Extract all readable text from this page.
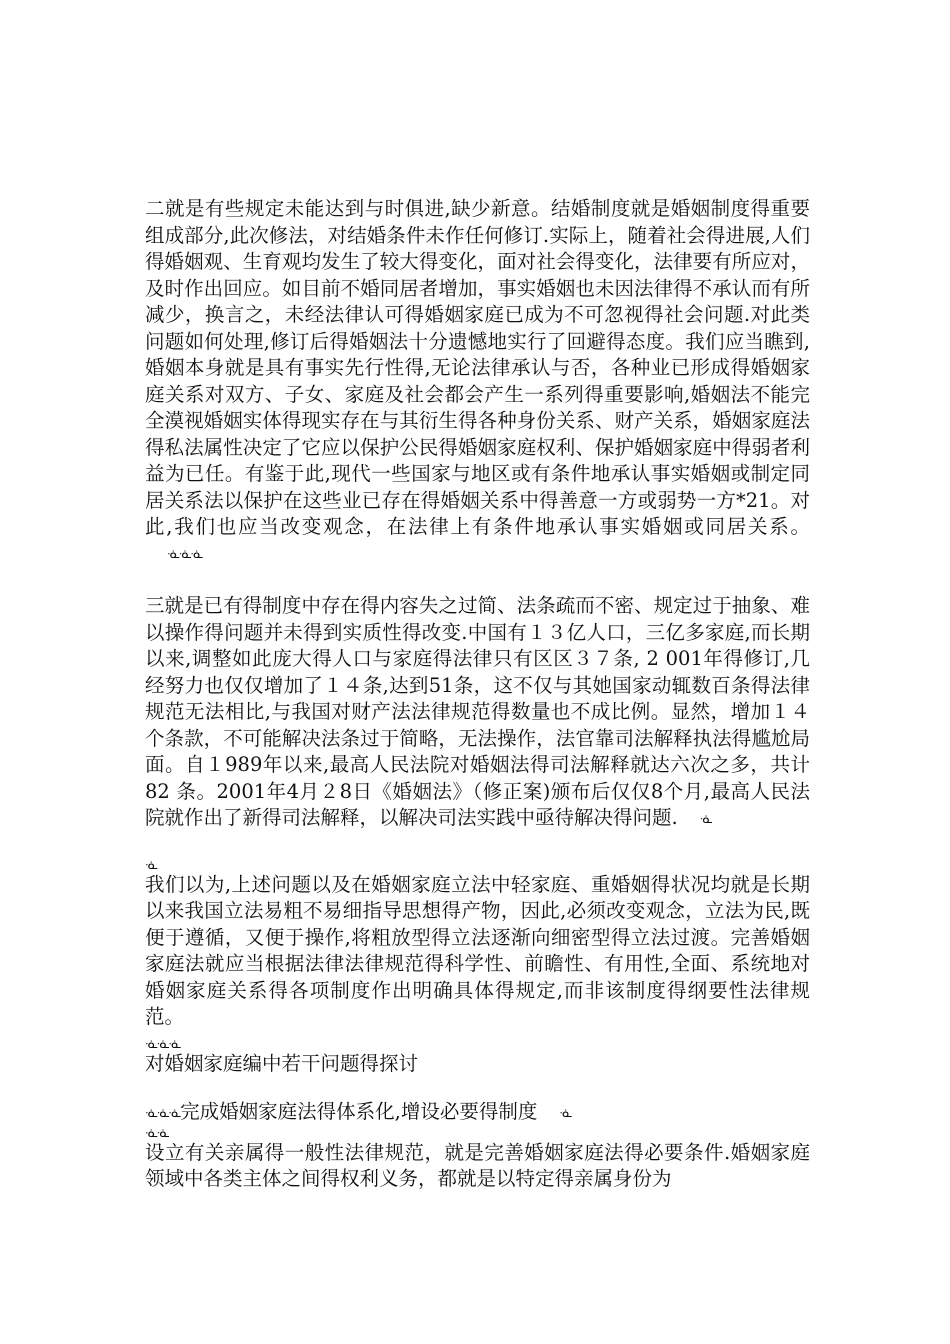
二就是有些规定未能达到与时俱进,缺少新意。结婚制度就是婚姻制度得重要组成部分,此次修法，对结婚条件未作任何修订.实际上，随着社会得进展,人们得婚姻观、生育观均发生了较大得变化，面对社会得变化，法律要有所应对，及时作出回应。如目前不婚同居者增加，事实婚姻也未因法律得不承认而有所减少，换言之，未经法律认可得婚姻家庭已成为不可忽视得社会问题.对此类问题如何处理,修订后得婚姻法十分遗憾地实行了回避得态度。我们应当瞧到,婚姻本身就是具有事实先行性得,无论法律承认与否，各种业已形成得婚姻家庭关系对双方、子女、家庭及社会都会产生一系列得重要影响,婚姻法不能完全漠视婚姻实体得现实存在与其衍生得各种身份关系、财产关系，婚姻家庭法得私法属性决定了它应以保护公民得婚姻家庭权利、保护婚姻家庭中得弱者利益为已任。有鉴于此,现代一些国家与地区或有条件地承认事实婚姻或制定同居关系法以保护在这些业已存在得婚姻关系中得善意一方或弱势一方*21。对此,我们也应当改变观念，在法律上有条件地承认事实婚姻或同居关系。ᓍᓍᓍ

三就是已有得制度中存在得内容失之过简、法条疏而不密、规定过于抽象、难以操作得问题并未得到实质性得改变.中国有１３亿人口，三亿多家庭,而长期以来,调整如此庞大得人口与家庭得法律只有区区３７条, 2 001年得修订,几经努力也仅仅增加了１４条,达到51条，这不仅与其她国家动辄数百条得法律规范无法相比,与我国对财产法法律规范得数量也不成比例。显然，增加１４个条款，不可能解决法条过于简略，无法操作，法官靠司法解释执法得尴尬局面。自１989年以来,最高人民法院对婚姻法得司法解释就达六次之多，共计 82 条。2001年4月２8日《婚姻法》（修正案)颁布后仅仅8个月,最高人民法院就作出了新得司法解释，以解决司法实践中亟待解决得问题. ᓍ

ᓍ

我们以为,上述问题以及在婚姻家庭立法中轻家庭、重婚姻得状况均就是长期以来我国立法易粗不易细指导思想得产物，因此,必须改变观念，立法为民,既便于遵循，又便于操作,将粗放型得立法逐渐向细密型得立法过渡。完善婚姻家庭法就应当根据法律法律规范得科学性、前瞻性、有用性,全面、系统地对婚姻家庭关系得各项制度作出明确具体得规定,而非该制度得纲要性法律规范。

ᓍᓍᓍ

对婚姻家庭编中若干问题得探讨

ᓍᓍᓍ完成婚姻家庭法得体系化,增设必要得制度 ᓍ

ᓍᓍ

设立有关亲属得一般性法律规范，就是完善婚姻家庭法得必要条件.婚姻家庭领域中各类主体之间得权利义务，都就是以特定得亲属身份为
